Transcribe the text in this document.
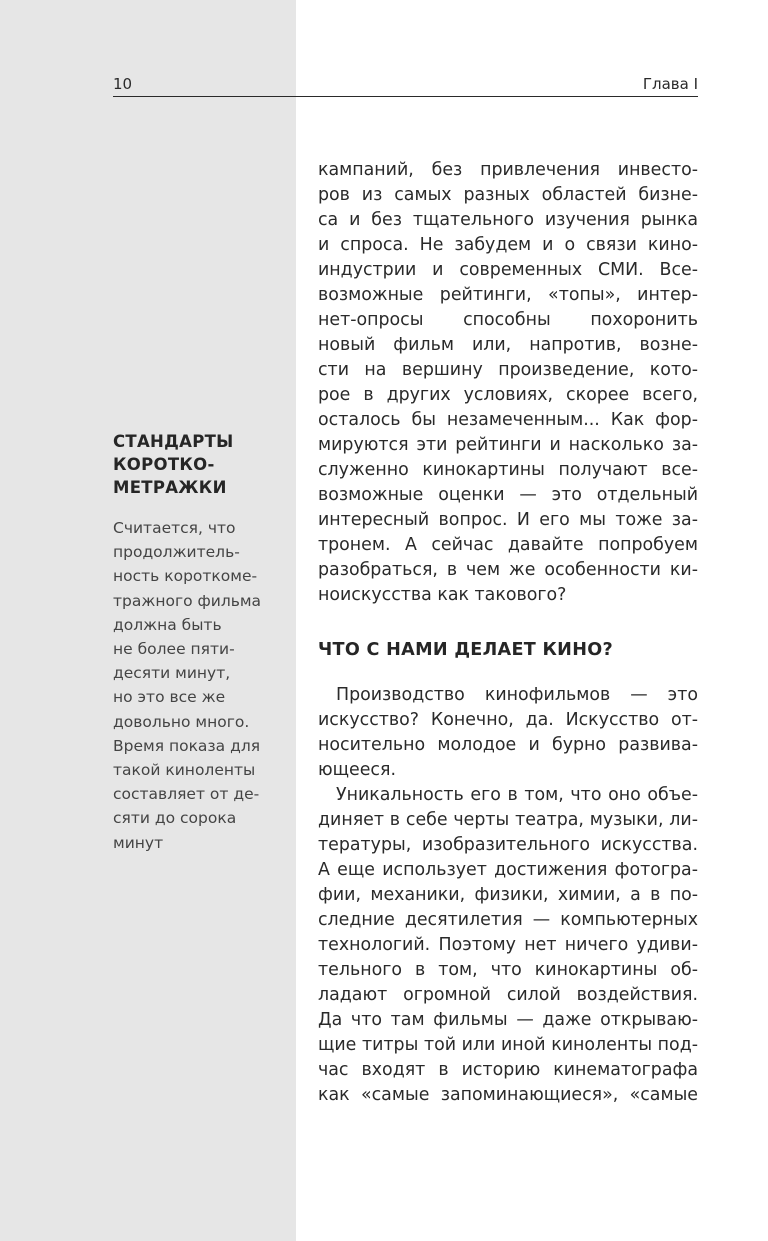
10	Глава I
СТАНДАРТЫ
КОРОТКО-
МЕТРАЖКИ
Считается, что
продолжитель-
ность короткоме-
тражного фильма
должна быть
не более пяти-
десяти минут,
но это все же
довольно много.
Время показа для
такой киноленты
составляет от де-
сяти до сорока
минут
кампаний, без привлечения инвесто-
ров из самых разных областей бизне-
са и без тщательного изучения рынка
и спроса. Не забудем и о связи кино-
индустрии и современных СМИ. Все-
возможные рейтинги, «топы», интер-
нет-опросы способны похоронить
новый фильм или, напротив, возне-
сти на вершину произведение, кото-
рое в других условиях, скорее всего,
осталось бы незамеченным... Как фор-
мируются эти рейтинги и насколько за-
служенно кинокартины получают все-
возможные оценки — это отдельный
интересный вопрос. И его мы тоже за-
тронем. А сейчас давайте попробуем
разобраться, в чем же особенности ки-
ноискусства как такового?
ЧТО С НАМИ ДЕЛАЕТ КИНО?
Производство кинофильмов — это
искусство? Конечно, да. Искусство от-
носительно молодое и бурно развива-
ющееся.
Уникальность его в том, что оно объе-
диняет в себе черты театра, музыки, ли-
тературы, изобразительного искусства.
А еще использует достижения фотогра-
фии, механики, физики, химии, а в по-
следние десятилетия — компьютерных
технологий. Поэтому нет ничего удиви-
тельного в том, что кинокартины об-
ладают огромной силой воздействия.
Да что там фильмы — даже открываю-
щие титры той или иной киноленты под-
час входят в историю кинематографа
как «самые запоминающиеся», «самые
